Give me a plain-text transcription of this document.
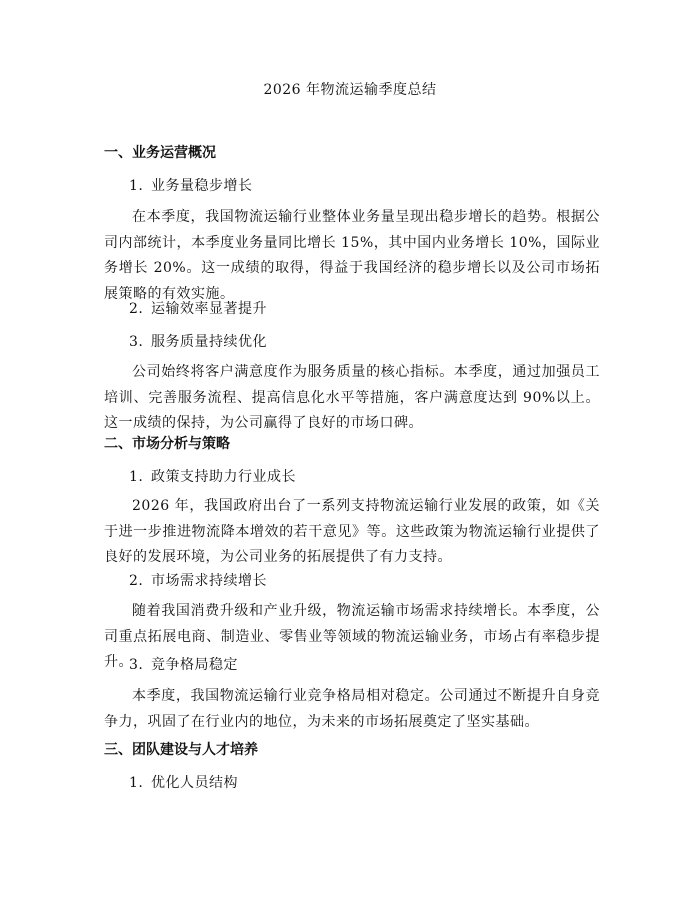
2026 年物流运输季度总结
一、业务运营概况
1. 业务量稳步增长

在本季度，我国物流运输行业整体业务量呈现出稳步增长的趋势。根据公司内部统计，本季度业务量同比增长 15%，其中国内业务增长 10%，国际业务增长 20%。这一成绩的取得，得益于我国经济的稳步增长以及公司市场拓展策略的有效实施。

2. 运输效率显著提升
3. 服务质量持续优化

公司始终将客户满意度作为服务质量的核心指标。本季度，通过加强员工培训、完善服务流程、提高信息化水平等措施，客户满意度达到 90%以上。这一成绩的保持，为公司赢得了良好的市场口碑。

二、市场分析与策略
1. 政策支持助力行业成长

2026 年，我国政府出台了一系列支持物流运输行业发展的政策，如《关于进一步推进物流降本增效的若干意见》等。这些政策为物流运输行业提供了良好的发展环境，为公司业务的拓展提供了有力支持。

2. 市场需求持续增长

随着我国消费升级和产业升级，物流运输市场需求持续增长。本季度，公司重点拓展电商、制造业、零售业等领域的物流运输业务，市场占有率稳步提升。

3. 竞争格局稳定

本季度，我国物流运输行业竞争格局相对稳定。公司通过不断提升自身竞争力，巩固了在行业内的地位，为未来的市场拓展奠定了坚实基础。

三、团队建设与人才培养
1. 优化人员结构
